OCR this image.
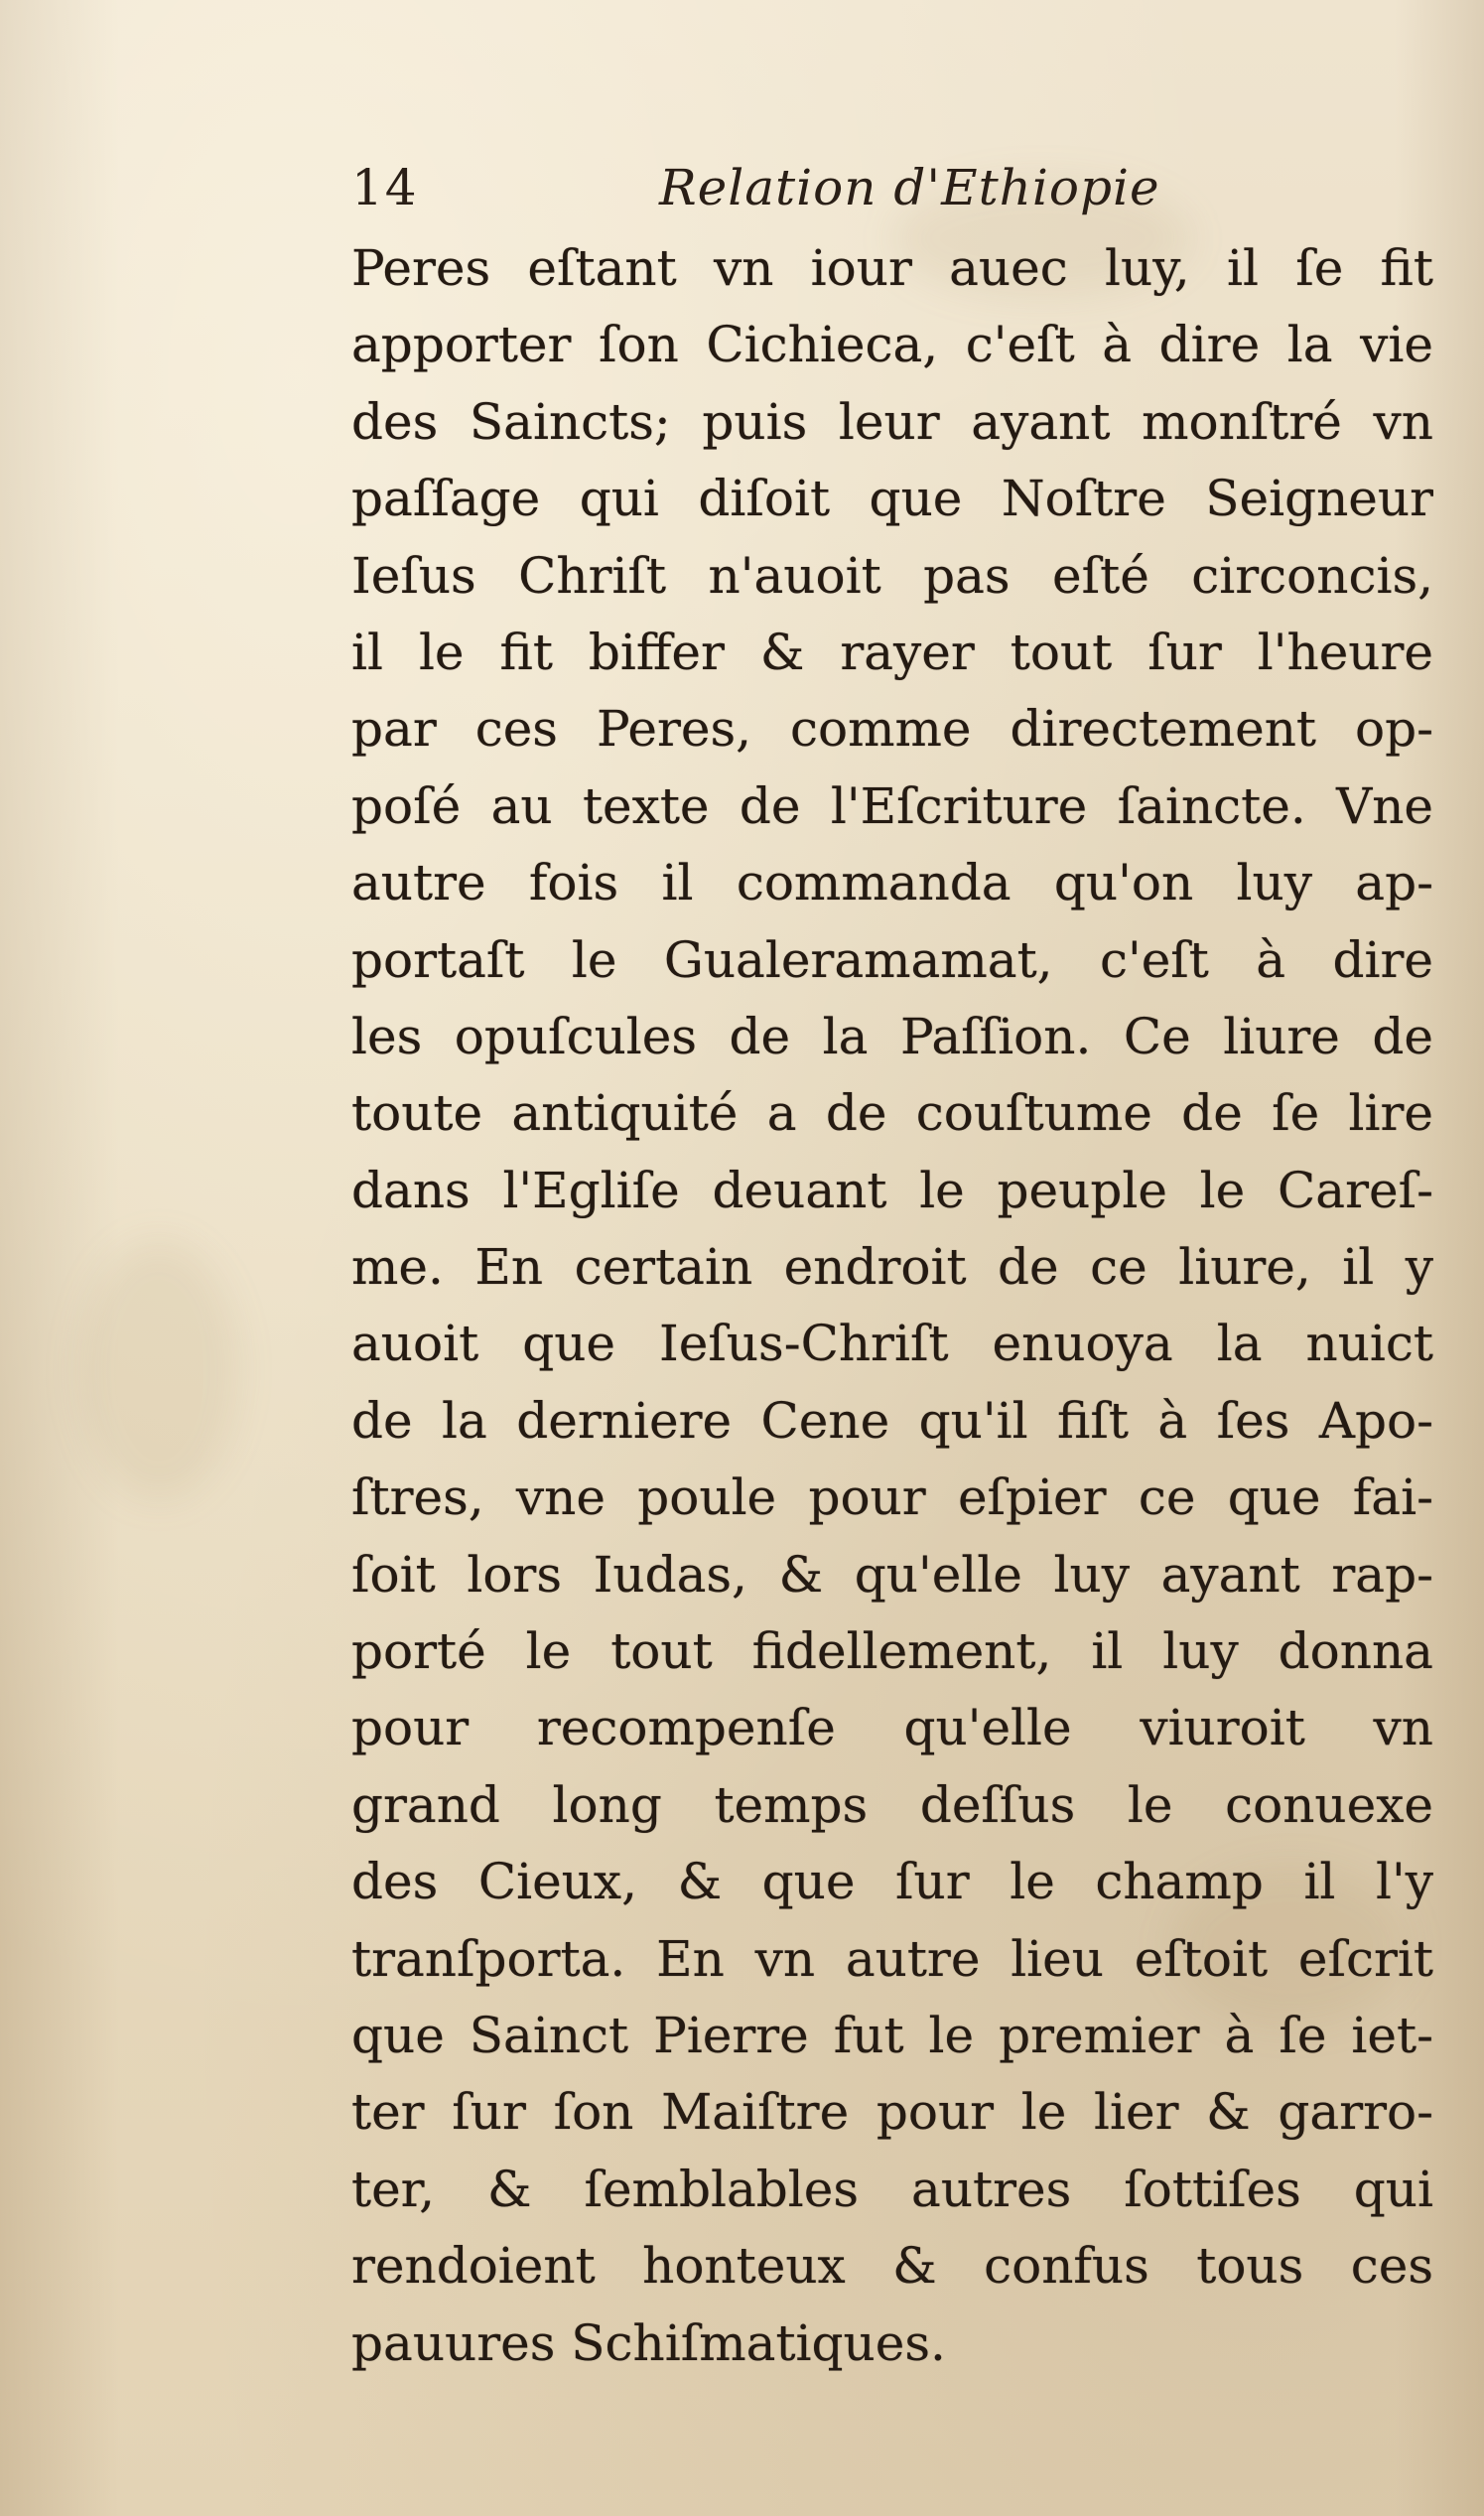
14	Relation d'Ethiopie
Peres eſtant vn iour auec luy, il ſe fit
apporter ſon Cichieca, c'eſt à dire la vie
des Saincts; puis leur ayant monſtré vn
paſſage qui diſoit que Noſtre Seigneur
Ieſus Chriſt n'auoit pas eſté circoncis,
il le fit biffer & rayer tout ſur l'heure
par ces Peres, comme directement op-
poſé au texte de l'Eſcriture ſaincte. Vne
autre fois il commanda qu'on luy ap-
portaſt le Gualeramamat, c'eſt à dire
les opuſcules de la Paſſion. Ce liure de
toute antiquité a de couſtume de ſe lire
dans l'Egliſe deuant le peuple le Careſ-
me. En certain endroit de ce liure, il y
auoit que Ieſus-Chriſt enuoya la nuict
de la derniere Cene qu'il fiſt à ſes Apo-
ſtres, vne poule pour eſpier ce que fai-
ſoit lors Iudas, & qu'elle luy ayant rap-
porté le tout fidellement, il luy donna
pour recompenſe qu'elle viuroit vn
grand long temps deſſus le conuexe
des Cieux, & que ſur le champ il l'y
tranſporta. En vn autre lieu eſtoit eſcrit
que Sainct Pierre fut le premier à ſe iet-
ter ſur ſon Maiſtre pour le lier & garro-
ter, & ſemblables autres ſottiſes qui
rendoient honteux & confus tous ces
pauures Schiſmatiques.
